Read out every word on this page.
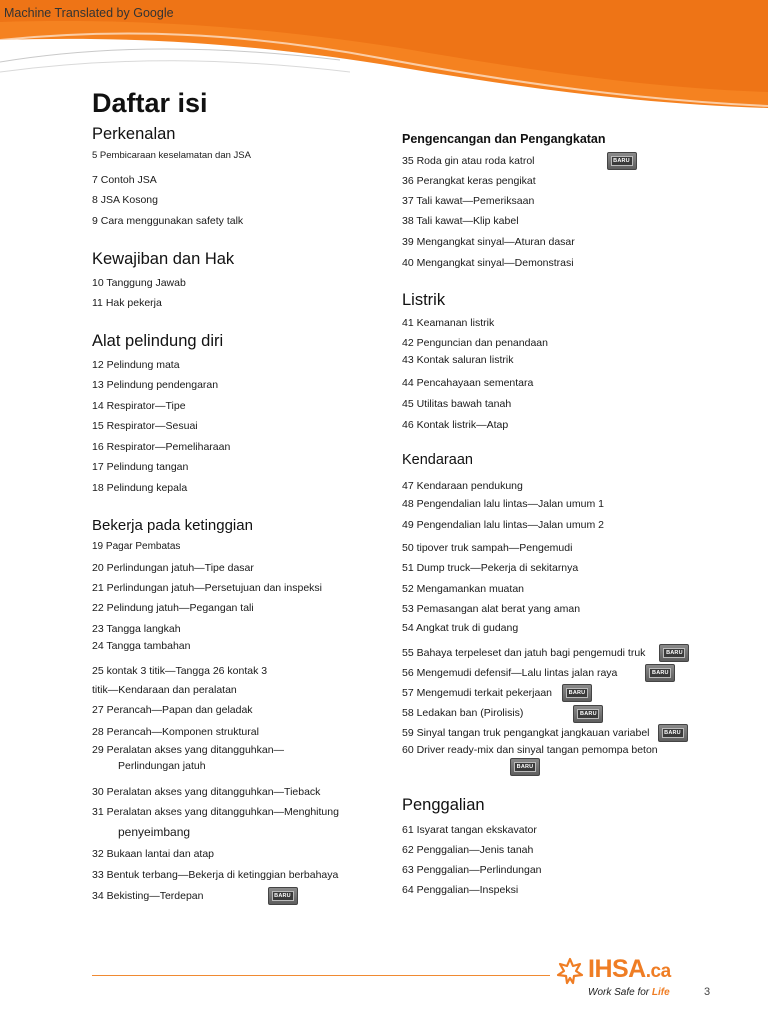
Machine Translated by Google
Daftar isi
Perkenalan
5 Pembicaraan keselamatan dan JSA
7 Contoh JSA
8 JSA Kosong
9 Cara menggunakan safety talk
Kewajiban dan Hak
10 Tanggung Jawab
11 Hak pekerja
Alat pelindung diri
12 Pelindung mata
13 Pelindung pendengaran
14 Respirator—Tipe
15 Respirator—Sesuai
16 Respirator—Pemeliharaan
17 Pelindung tangan
18 Pelindung kepala
Bekerja pada ketinggian
19 Pagar Pembatas
20 Perlindungan jatuh—Tipe dasar
21 Perlindungan jatuh—Persetujuan dan inspeksi
22 Pelindung jatuh—Pegangan tali
23 Tangga langkah
24 Tangga tambahan
25 kontak 3 titik—Tangga 26 kontak 3
titik—Kendaraan dan peralatan
27 Perancah—Papan dan geladak
28 Perancah—Komponen struktural
29 Peralatan akses yang ditangguhkan—
Perlindungan jatuh
30 Peralatan akses yang ditangguhkan—Tieback
31 Peralatan akses yang ditangguhkan—Menghitung
penyeimbang
32 Bukaan lantai dan atap
33 Bentuk terbang—Bekerja di ketinggian berbahaya
34 Bekisting—Terdepan	BARU
Pengencangan dan Pengangkatan
35 Roda gin atau roda katrol	BARU
36 Perangkat keras pengikat
37 Tali kawat—Pemeriksaan
38 Tali kawat—Klip kabel
39 Mengangkat sinyal—Aturan dasar
40 Mengangkat sinyal—Demonstrasi
Listrik
41 Keamanan listrik
42 Penguncian dan penandaan
43 Kontak saluran listrik
44 Pencahayaan sementara
45 Utilitas bawah tanah
46 Kontak listrik—Atap
Kendaraan
47 Kendaraan pendukung
48 Pengendalian lalu lintas—Jalan umum 1
49 Pengendalian lalu lintas—Jalan umum 2
50 tipover truk sampah—Pengemudi
51 Dump truck—Pekerja di sekitarnya
52 Mengamankan muatan
53 Pemasangan alat berat yang aman
54 Angkat truk di gudang
55 Bahaya terpeleset dan jatuh bagi pengemudi truk	BARU
56 Mengemudi defensif—Lalu lintas jalan raya	BARU
57 Mengemudi terkait pekerjaan	BARU
58 Ledakan ban (Pirolisis)	BARU
59 Sinyal tangan truk pengangkat jangkauan variabel	BARU
60 Driver ready-mix dan sinyal tangan pemompa beton
BARU
Penggalian
61 Isyarat tangan ekskavator
62 Penggalian—Jenis tanah
63 Penggalian—Perlindungan
64 Penggalian—Inspeksi
IHSA.ca
Work Safe for Life	3
